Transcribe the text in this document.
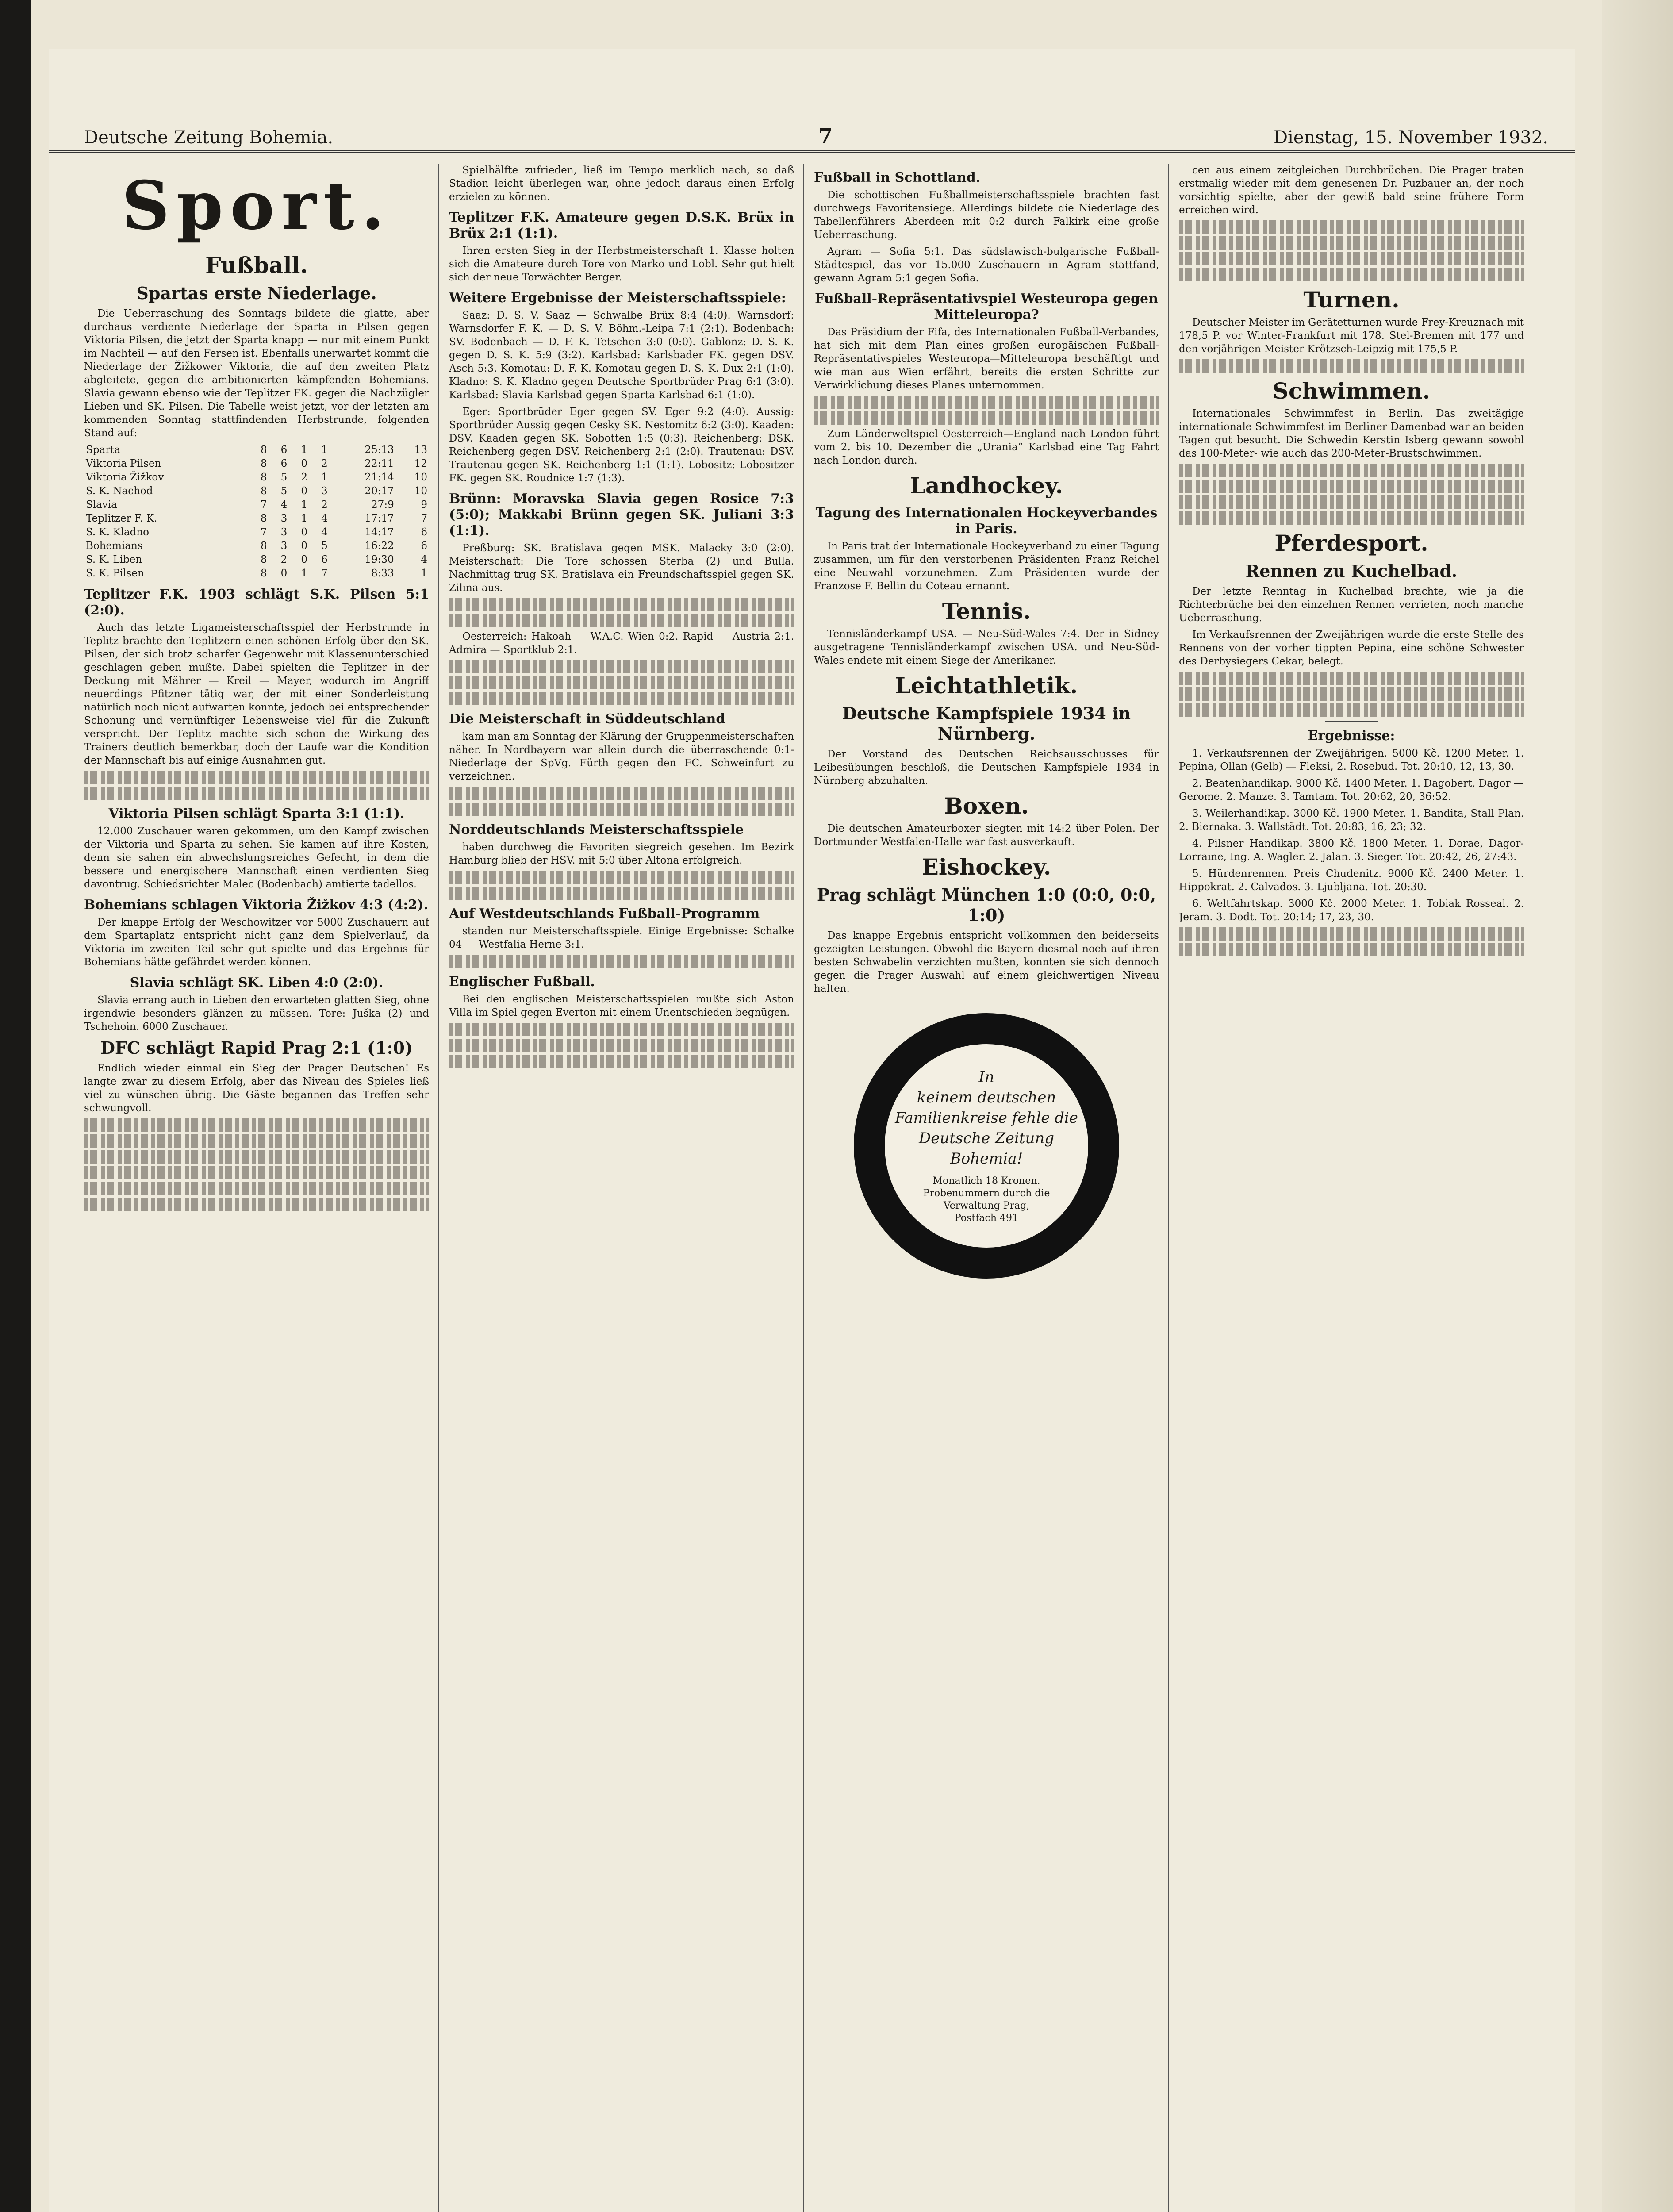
Deutsche Zeitung Bohemia.	7	Dienstag, 15. November 1932.
Sport.
Fußball.
Spartas erste Niederlage.

Die Ueberraschung des Sonntags bildete die glatte, aber durchaus verdiente Niederlage der Sparta in Pilsen gegen Viktoria Pilsen, die jetzt der Sparta knapp — nur mit einem Punkt im Nachteil — auf den Fersen ist. Ebenfalls unerwartet kommt die Niederlage der Žižkower Viktoria, die auf den zweiten Platz abgleitete, gegen die ambitionierten kämpfenden Bohemians. Slavia gewann ebenso wie der Teplitzer FK. gegen die Nachzügler Lieben und SK. Pilsen. Die Tabelle weist jetzt, vor der letzten am kommenden Sonntag stattfindenden Herbstrunde, folgenden Stand auf:

Sparta	8	6	1	1	25:13	13
Viktoria Pilsen	8	6	0	2	22:11	12
Viktoria Žižkov	8	5	2	1	21:14	10
S. K. Nachod	8	5	0	3	20:17	10
Slavia	7	4	1	2	27:9	9
Teplitzer F. K.	8	3	1	4	17:17	7
S. K. Kladno	7	3	0	4	14:17	6
Bohemians	8	3	0	5	16:22	6
S. K. Liben	8	2	0	6	19:30	4
S. K. Pilsen	8	0	1	7	8:33	1
Teplitzer F.K. 1903 schlägt S.K. Pilsen 5:1 (2:0).

Auch das letzte Ligameisterschaftsspiel der Herbstrunde in Teplitz brachte den Teplitzern einen schönen Erfolg über den SK. Pilsen, der sich trotz scharfer Gegenwehr mit Klassenunterschied geschlagen geben mußte. Dabei spielten die Teplitzer in der Deckung mit Mährer — Kreil — Mayer, wodurch im Angriff neuerdings Pfitzner tätig war, der mit einer Sonderleistung natürlich noch nicht aufwarten konnte, jedoch bei entsprechender Schonung und vernünftiger Lebensweise viel für die Zukunft verspricht. Der Teplitz machte sich schon die Wirkung des Trainers deutlich bemerkbar, doch der Laufe war die Kondition der Mannschaft bis auf einige Ausnahmen gut.

Viktoria Pilsen schlägt Sparta 3:1 (1:1).

12.000 Zuschauer waren gekommen, um den Kampf zwischen der Viktoria und Sparta zu sehen. Sie kamen auf ihre Kosten, denn sie sahen ein abwechslungsreiches Gefecht, in dem die bessere und energischere Mannschaft einen verdienten Sieg davontrug. Schiedsrichter Malec (Bodenbach) amtierte tadellos.

Bohemians schlagen Viktoria Žižkov 4:3 (4:2).

Der knappe Erfolg der Weschowitzer vor 5000 Zuschauern auf dem Spartaplatz entspricht nicht ganz dem Spielverlauf, da Viktoria im zweiten Teil sehr gut spielte und das Ergebnis für Bohemians hätte gefährdet werden können.

Slavia schlägt SK. Liben 4:0 (2:0).

Slavia errang auch in Lieben den erwarteten glatten Sieg, ohne irgendwie besonders glänzen zu müssen. Tore: Juška (2) und Tschehoin. 6000 Zuschauer.

DFC schlägt Rapid Prag 2:1 (1:0)

Endlich wieder einmal ein Sieg der Prager Deutschen! Es langte zwar zu diesem Erfolg, aber das Niveau des Spieles ließ viel zu wünschen übrig. Die Gäste begannen das Treffen sehr schwungvoll.

Spielhälfte zufrieden, ließ im Tempo merklich nach, so daß Stadion leicht überlegen war, ohne jedoch daraus einen Erfolg erzielen zu können.

Teplitzer F.K. Amateure gegen D.S.K. Brüx in Brüx 2:1 (1:1).

Ihren ersten Sieg in der Herbstmeisterschaft 1. Klasse holten sich die Amateure durch Tore von Marko und Lobl. Sehr gut hielt sich der neue Torwächter Berger.

Weitere Ergebnisse der Meisterschaftsspiele:

Saaz: D. S. V. Saaz — Schwalbe Brüx 8:4 (4:0). Warnsdorf: Warnsdorfer F. K. — D. S. V. Böhm.-Leipa 7:1 (2:1). Bodenbach: SV. Bodenbach — D. F. K. Tetschen 3:0 (0:0). Gablonz: D. S. K. gegen D. S. K. 5:9 (3:2). Karlsbad: Karlsbader FK. gegen DSV. Asch 5:3. Komotau: D. F. K. Komotau gegen D. S. K. Dux 2:1 (1:0). Kladno: S. K. Kladno gegen Deutsche Sportbrüder Prag 6:1 (3:0). Karlsbad: Slavia Karlsbad gegen Sparta Karlsbad 6:1 (1:0).

Eger: Sportbrüder Eger gegen SV. Eger 9:2 (4:0). Aussig: Sportbrüder Aussig gegen Cesky SK. Nestomitz 6:2 (3:0). Kaaden: DSV. Kaaden gegen SK. Sobotten 1:5 (0:3). Reichenberg: DSK. Reichenberg gegen DSV. Reichenberg 2:1 (2:0). Trautenau: DSV. Trautenau gegen SK. Reichenberg 1:1 (1:1). Lobositz: Lobositzer FK. gegen SK. Roudnice 1:7 (1:3).

Brünn: Moravska Slavia gegen Rosice 7:3 (5:0); Makkabi Brünn gegen SK. Juliani 3:3 (1:1).

Preßburg: SK. Bratislava gegen MSK. Malacky 3:0 (2:0). Meisterschaft: Die Tore schossen Sterba (2) und Bulla. Nachmittag trug SK. Bratislava ein Freundschaftsspiel gegen SK. Zilina aus.

Oesterreich: Hakoah — W.A.C. Wien 0:2. Rapid — Austria 2:1. Admira — Sportklub 2:1.

Die Meisterschaft in Süddeutschland

kam man am Sonntag der Klärung der Gruppenmeisterschaften näher. In Nordbayern war allein durch die überraschende 0:1-Niederlage der SpVg. Fürth gegen den FC. Schweinfurt zu verzeichnen.

Norddeutschlands Meisterschaftsspiele

haben durchweg die Favoriten siegreich gesehen. Im Bezirk Hamburg blieb der HSV. mit 5:0 über Altona erfolgreich.

Auf Westdeutschlands Fußball-Programm

standen nur Meisterschaftsspiele. Einige Ergebnisse: Schalke 04 — Westfalia Herne 3:1.

Englischer Fußball.

Bei den englischen Meisterschaftsspielen mußte sich Aston Villa im Spiel gegen Everton mit einem Unentschieden begnügen.

Fußball in Schottland.

Die schottischen Fußballmeisterschaftsspiele brachten fast durchwegs Favoritensiege. Allerdings bildete die Niederlage des Tabellenführers Aberdeen mit 0:2 durch Falkirk eine große Ueberraschung.

Agram — Sofia 5:1. Das südslawisch-bulgarische Fußball-Städtespiel, das vor 15.000 Zuschauern in Agram stattfand, gewann Agram 5:1 gegen Sofia.

Fußball-Repräsentativspiel Westeuropa gegen Mitteleuropa?

Das Präsidium der Fifa, des Internationalen Fußball-Verbandes, hat sich mit dem Plan eines großen europäischen Fußball-Repräsentativspieles Westeuropa—Mitteleuropa beschäftigt und wie man aus Wien erfährt, bereits die ersten Schritte zur Verwirklichung dieses Planes unternommen.

Zum Länderweltspiel Oesterreich—England nach London führt vom 2. bis 10. Dezember die „Urania“ Karlsbad eine Tag Fahrt nach London durch.

Landhockey.
Tagung des Internationalen Hockeyverbandes in Paris.

In Paris trat der Internationale Hockeyverband zu einer Tagung zusammen, um für den verstorbenen Präsidenten Franz Reichel eine Neuwahl vorzunehmen. Zum Präsidenten wurde der Franzose F. Bellin du Coteau ernannt.

Tennis.

Tennisländerkampf USA. — Neu-Süd-Wales 7:4. Der in Sidney ausgetragene Tennisländerkampf zwischen USA. und Neu-Süd-Wales endete mit einem Siege der Amerikaner.

Leichtathletik.
Deutsche Kampfspiele 1934 in Nürnberg.

Der Vorstand des Deutschen Reichsausschusses für Leibesübungen beschloß, die Deutschen Kampfspiele 1934 in Nürnberg abzuhalten.

Boxen.

Die deutschen Amateurboxer siegten mit 14:2 über Polen. Der Dortmunder Westfalen-Halle war fast ausverkauft.

Eishockey.
Prag schlägt München 1:0 (0:0, 0:0, 1:0)

Das knappe Ergebnis entspricht vollkommen den beiderseits gezeigten Leistungen. Obwohl die Bayern diesmal noch auf ihren besten Schwabelin verzichten mußten, konnten sie sich dennoch gegen die Prager Auswahl auf einem gleichwertigen Niveau halten.

In
keinem deutschen
Familienkreise fehle die
Deutsche Zeitung Bohemia!
Monatlich 18 Kronen.
Probenummern durch die
Verwaltung Prag,
Postfach 491

cen aus einem zeitgleichen Durchbrüchen. Die Prager traten erstmalig wieder mit dem genesenen Dr. Puzbauer an, der noch vorsichtig spielte, aber der gewiß bald seine frühere Form erreichen wird.

Turnen.

Deutscher Meister im Gerätetturnen wurde Frey-Kreuznach mit 178,5 P. vor Winter-Frankfurt mit 178. Stel-Bremen mit 177 und den vorjährigen Meister Krötzsch-Leipzig mit 175,5 P.

Schwimmen.

Internationales Schwimmfest in Berlin. Das zweitägige internationale Schwimmfest im Berliner Damenbad war an beiden Tagen gut besucht. Die Schwedin Kerstin Isberg gewann sowohl das 100-Meter- wie auch das 200-Meter-Brustschwimmen.

Pferdesport.
Rennen zu Kuchelbad.

Der letzte Renntag in Kuchelbad brachte, wie ja die Richterbrüche bei den einzelnen Rennen verrieten, noch manche Ueberraschung.

Im Verkaufsrennen der Zweijährigen wurde die erste Stelle des Rennens von der vorher tippten Pepina, eine schöne Schwester des Derbysiegers Cekar, belegt.

Ergebnisse:

1. Verkaufsrennen der Zweijährigen. 5000 Kč. 1200 Meter. 1. Pepina, Ollan (Gelb) — Fleksi, 2. Rosebud. Tot. 20:10, 12, 13, 30.

2. Beatenhandikap. 9000 Kč. 1400 Meter. 1. Dagobert, Dagor — Gerome. 2. Manze. 3. Tamtam. Tot. 20:62, 20, 36:52.

3. Weilerhandikap. 3000 Kč. 1900 Meter. 1. Bandita, Stall Plan. 2. Biernaka. 3. Wallstädt. Tot. 20:83, 16, 23; 32.

4. Pilsner Handikap. 3800 Kč. 1800 Meter. 1. Dorae, Dagor-Lorraine, Ing. A. Wagler. 2. Jalan. 3. Sieger. Tot. 20:42, 26, 27:43.

5. Hürdenrennen. Preis Chudenitz. 9000 Kč. 2400 Meter. 1. Hippokrat. 2. Calvados. 3. Ljubljana. Tot. 20:30.

6. Weltfahrtskap. 3000 Kč. 2000 Meter. 1. Tobiak Rosseal. 2. Jeram. 3. Dodt. Tot. 20:14; 17, 23, 30.
